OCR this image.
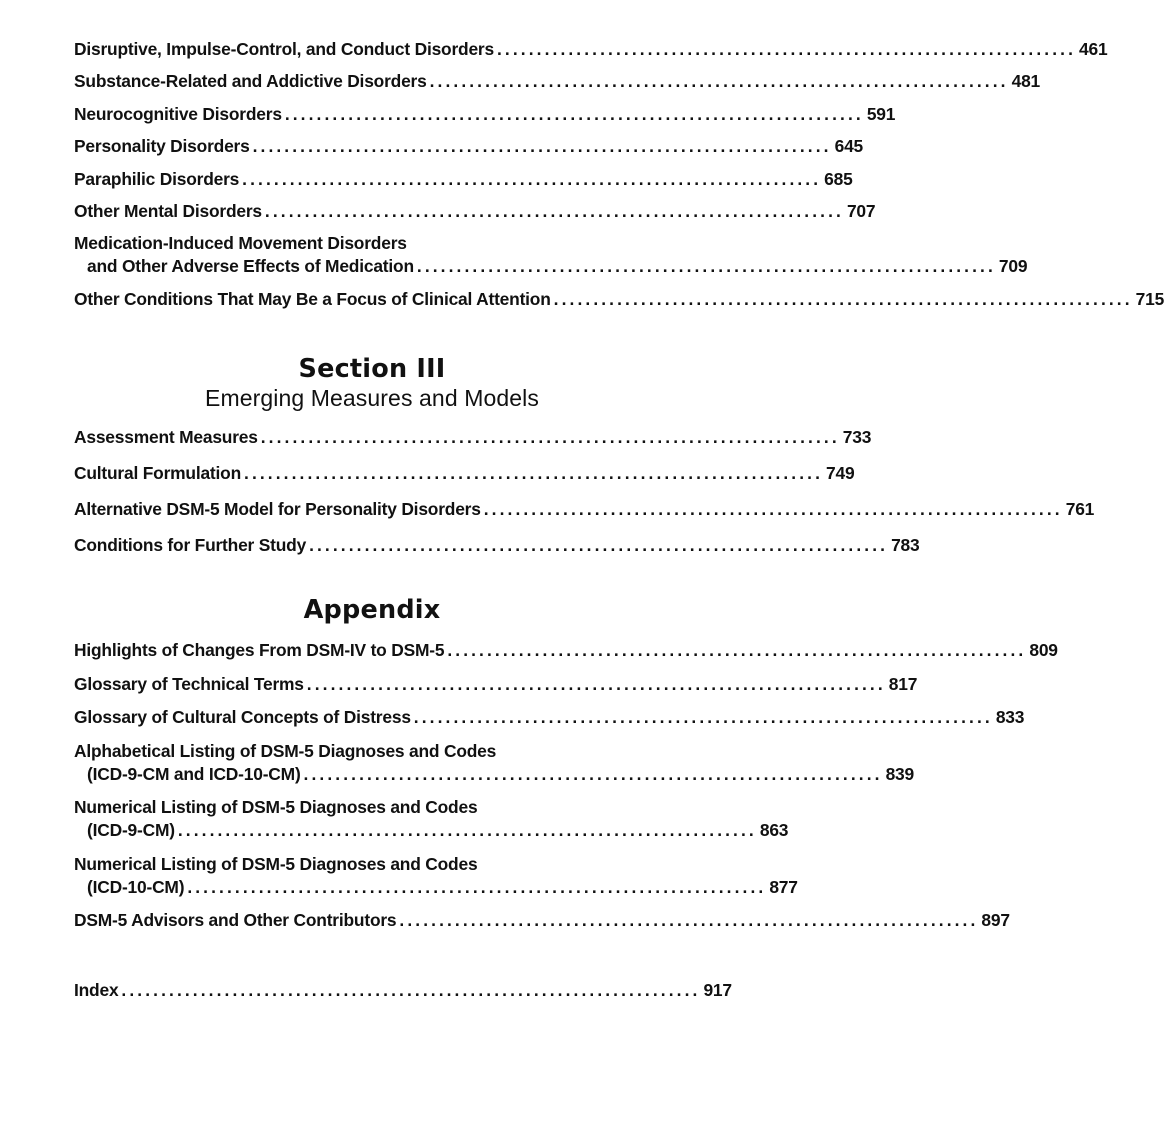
Disruptive, Impulse-Control, and Conduct Disorders ......................................................................... 461
Substance-Related and Addictive Disorders ......................................................................... 481
Neurocognitive Disorders ......................................................................... 591
Personality Disorders ......................................................................... 645
Paraphilic Disorders ......................................................................... 685
Other Mental Disorders ......................................................................... 707
Medication-Induced Movement Disorders
and Other Adverse Effects of Medication ......................................................................... 709
Other Conditions That May Be a Focus of Clinical Attention ......................................................................... 715
Section III
Emerging Measures and Models
Assessment Measures ......................................................................... 733
Cultural Formulation ......................................................................... 749
Alternative DSM-5 Model for Personality Disorders ......................................................................... 761
Conditions for Further Study ......................................................................... 783
Appendix
Highlights of Changes From DSM-IV to DSM-5 ......................................................................... 809
Glossary of Technical Terms ......................................................................... 817
Glossary of Cultural Concepts of Distress ......................................................................... 833
Alphabetical Listing of DSM-5 Diagnoses and Codes
(ICD-9-CM and ICD-10-CM) ......................................................................... 839
Numerical Listing of DSM-5 Diagnoses and Codes
(ICD-9-CM) ......................................................................... 863
Numerical Listing of DSM-5 Diagnoses and Codes
(ICD-10-CM) ......................................................................... 877
DSM-5 Advisors and Other Contributors ......................................................................... 897
Index ......................................................................... 917
